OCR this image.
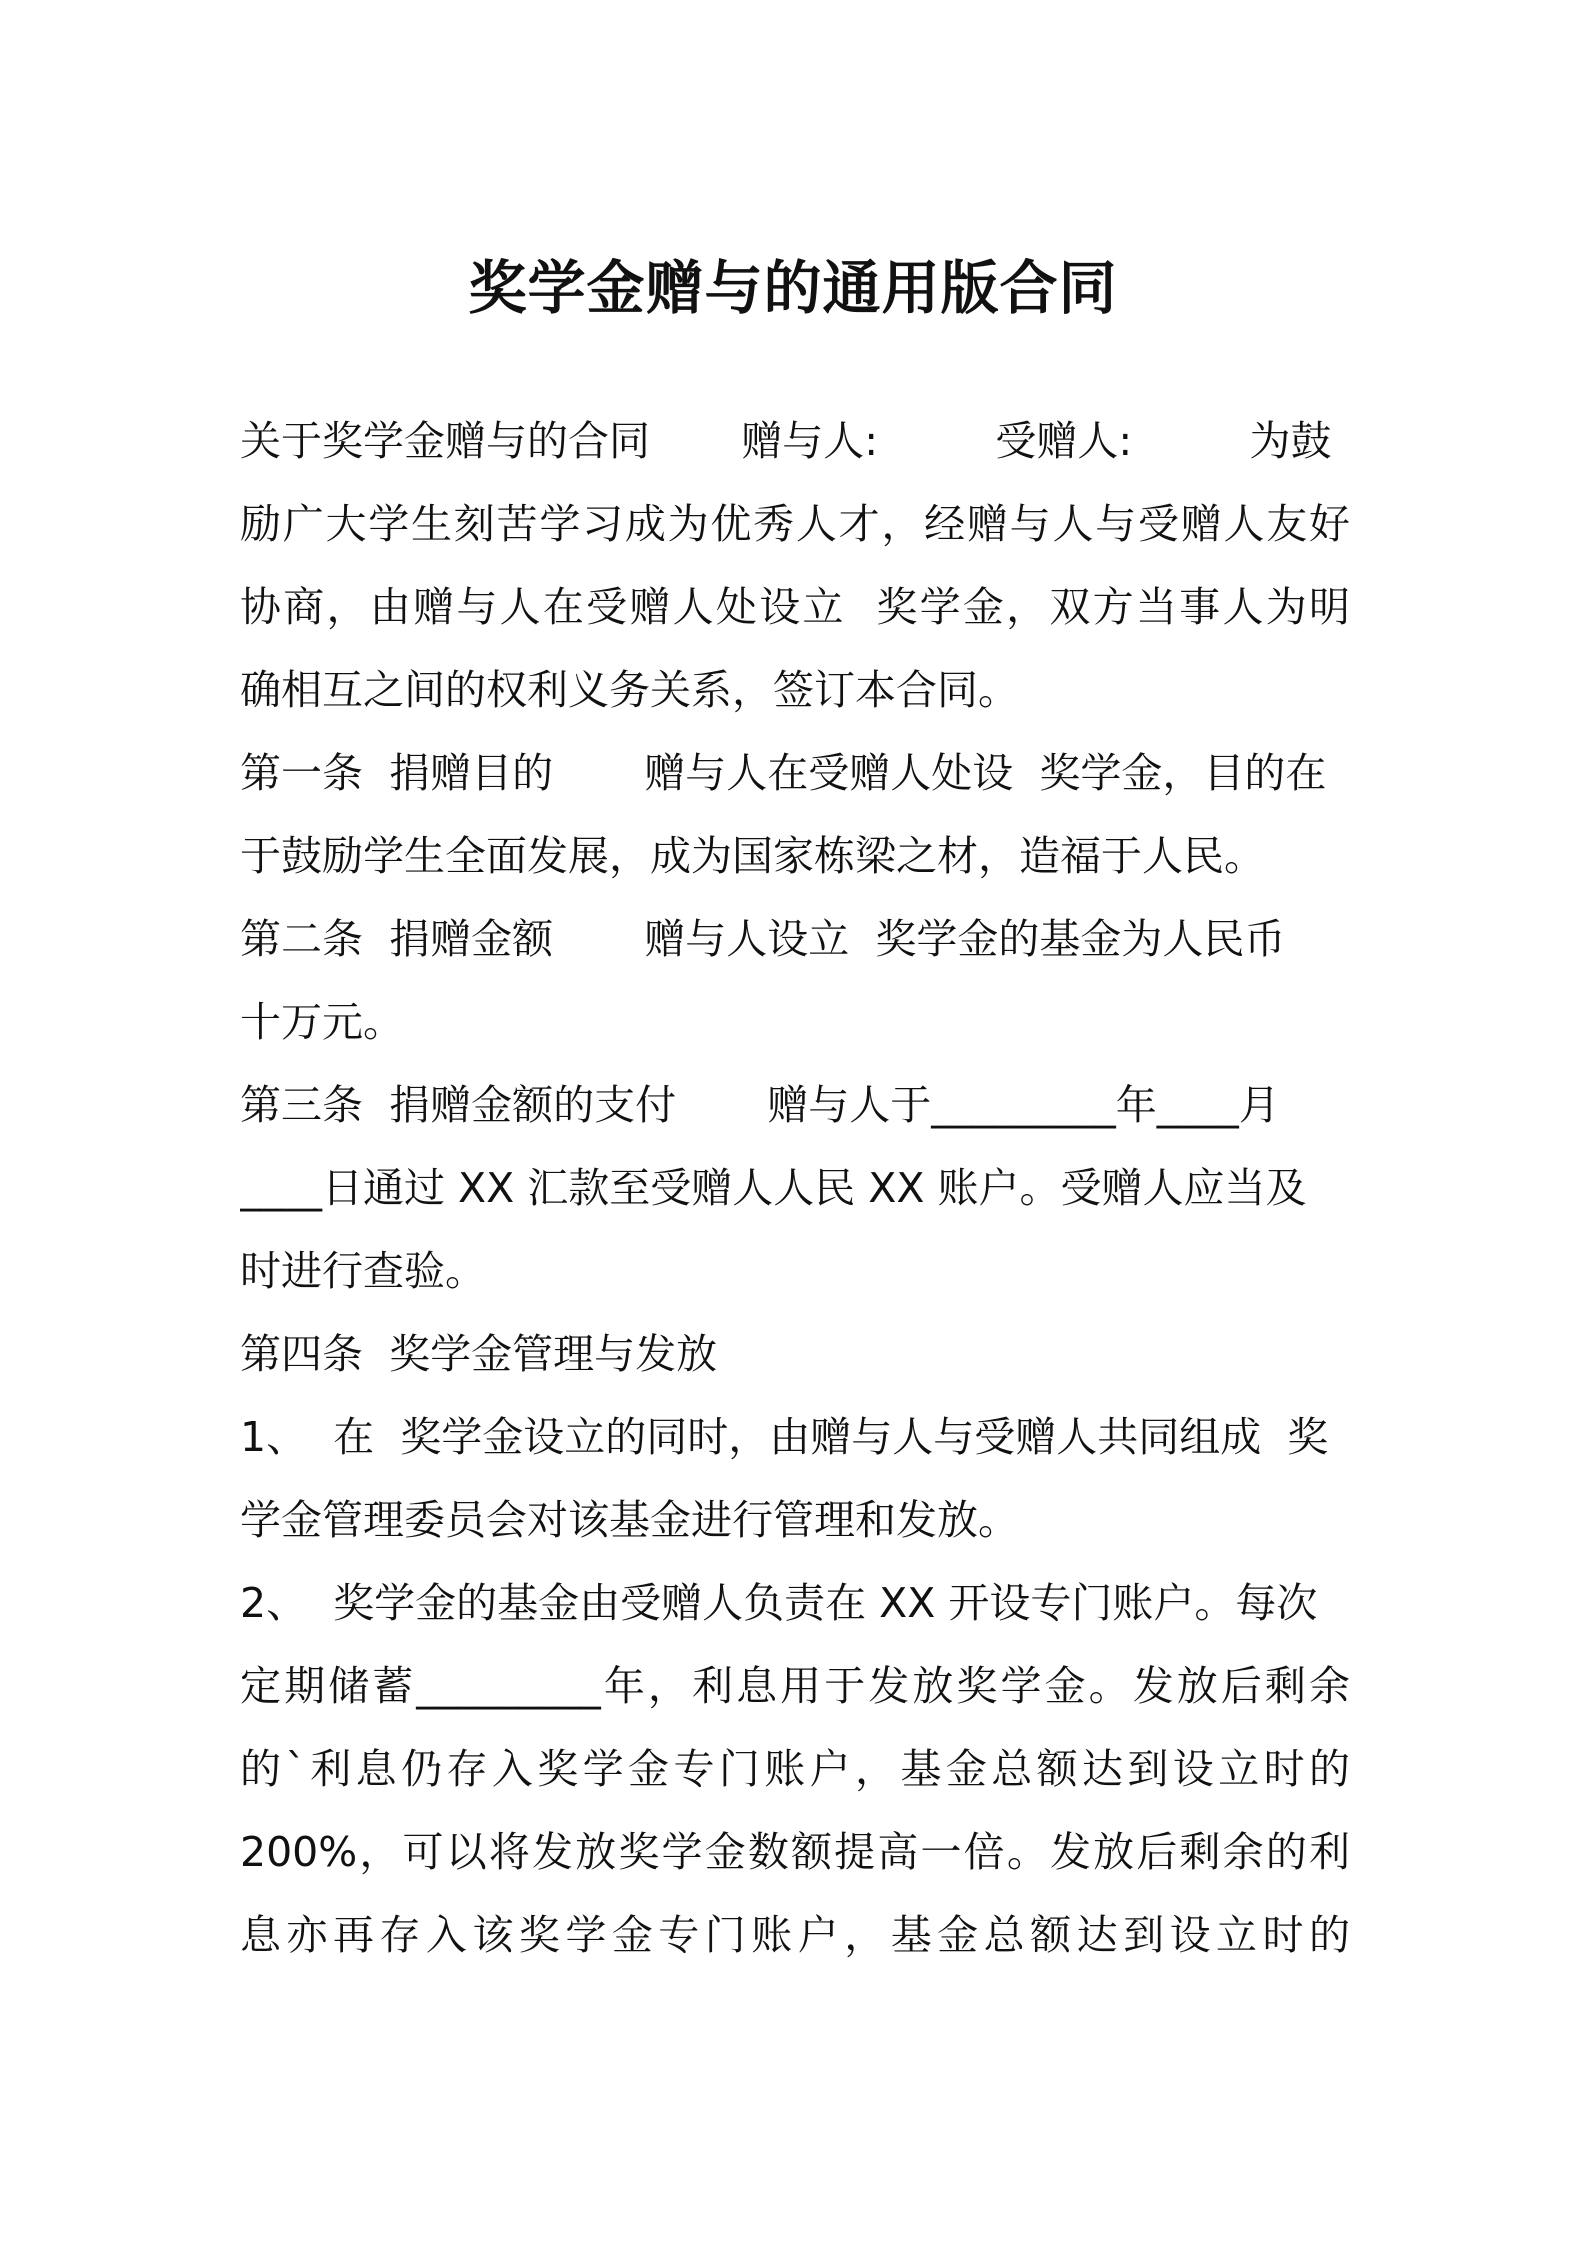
奖学金赠与的通用版合同
关于奖学金赠与的合同       赠与人:         受赠人:         为鼓
励广大学生刻苦学习成为优秀人才，经赠与人与受赠人友好
协商，由赠与人在受赠人处设立  奖学金，双方当事人为明
确相互之间的权利义务关系，签订本合同。
第一条  捐赠目的       赠与人在受赠人处设  奖学金，目的在
于鼓励学生全面发展，成为国家栋梁之材，造福于人民。
第二条  捐赠金额       赠与人设立  奖学金的基金为人民币
十万元。
第三条  捐赠金额的支付       赠与人于_________年____月
____日通过 XX 汇款至受赠人人民 XX 账户。受赠人应当及
时进行查验。
第四条  奖学金管理与发放
1、  在  奖学金设立的同时，由赠与人与受赠人共同组成  奖
学金管理委员会对该基金进行管理和发放。
2、  奖学金的基金由受赠人负责在 XX 开设专门账户。每次
定期储蓄_________年，利息用于发放奖学金。发放后剩余
的`利息仍存入奖学金专门账户，基金总额达到设立时的
200%，可以将发放奖学金数额提高一倍。发放后剩余的利
息亦再存入该奖学金专门账户，基金总额达到设立时的
